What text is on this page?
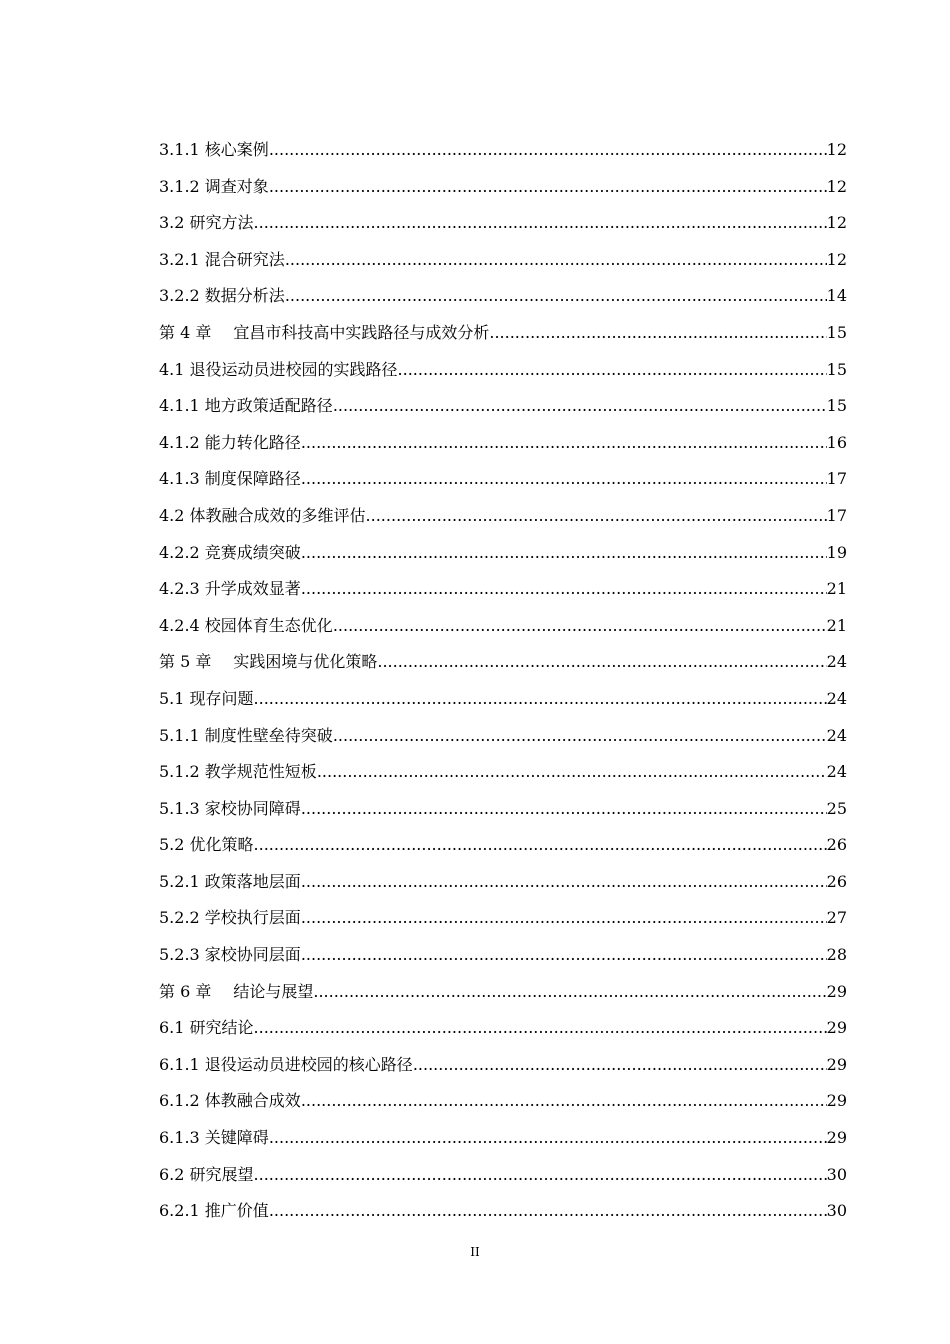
3.1.1 核心案例 .....	12
3.1.2 调查对象 .....	12
3.2 研究方法 .....	12
3.2.1 混合研究法 .....	12
3.2.2 数据分析法 .....	14
第 4 章 宜昌市科技高中实践路径与成效分析 .....	15
4.1 退役运动员进校园的实践路径 .....	15
4.1.1 地方政策适配路径 .....	15
4.1.2 能力转化路径 .....	16
4.1.3 制度保障路径 .....	17
4.2 体教融合成效的多维评估 .....	17
4.2.2 竞赛成绩突破 .....	19
4.2.3 升学成效显著 .....	21
4.2.4 校园体育生态优化 .....	21
第 5 章 实践困境与优化策略 .....	24
5.1 现存问题 .....	24
5.1.1 制度性壁垒待突破 .....	24
5.1.2 教学规范性短板 .....	24
5.1.3 家校协同障碍 .....	25
5.2 优化策略 .....	26
5.2.1 政策落地层面 .....	26
5.2.2 学校执行层面 .....	27
5.2.3 家校协同层面 .....	28
第 6 章 结论与展望 .....	29
6.1 研究结论 .....	29
6.1.1 退役运动员进校园的核心路径 .....	29
6.1.2 体教融合成效 .....	29
6.1.3 关键障碍 .....	29
6.2 研究展望 .....	30
6.2.1 推广价值 .....	30
II
